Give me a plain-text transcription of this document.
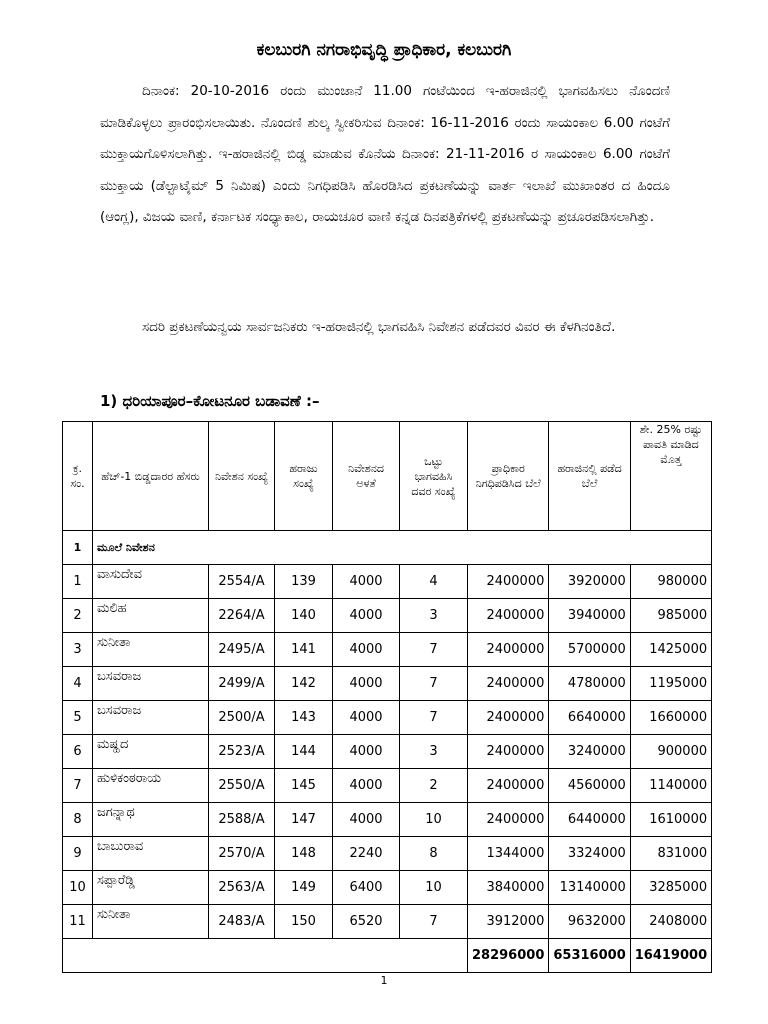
ಕಲಬುರಗಿ ನಗರಾಭಿವೃದ್ಧಿ ಪ್ರಾಧಿಕಾರ, ಕಲಬುರಗಿ

ದಿನಾಂಕ: 20-10-2016 ರಂದು ಮುಂಜಾನೆ 11.00 ಗಂಟೆಯಿಂದ ಇ-ಹರಾಜಿನಲ್ಲಿ ಭಾಗವಹಿಸಲು ನೊಂದಣಿ ಮಾಡಿಕೊಳ್ಳಲು ಪ್ರಾರಂಭಿಸಲಾಯಿತು. ನೊಂದಣಿ ಶುಲ್ಕ ಸ್ವೀಕರಿಸುವ ದಿನಾಂಕ: 16-11-2016 ರಂದು ಸಾಯಂಕಾಲ 6.00 ಗಂಟೆಗೆ ಮುಕ್ತಾಯಗೊಳಿಸಲಾಗಿತ್ತು. ಇ-ಹರಾಜಿನಲ್ಲಿ ಬಿಡ್ಡ ಮಾಡುವ ಕೊನೆಯ ದಿನಾಂಕ: 21-11-2016 ರ ಸಾಯಂಕಾಲ 6.00 ಗಂಟೆಗೆ ಮುಕ್ತಾಯ (ಡೆಲ್ಟಾಟೈಮ್ 5 ನಿಮಿಷ) ಎಂದು ನಿಗಧಿಪಡಿಸಿ ಹೊರಡಿಸಿದ ಪ್ರಕಟಣೆಯನ್ನು ವಾರ್ತ ಇಲಾಖೆ ಮುಖಾಂತರ ದ ಹಿಂದೂ (ಆಂಗ್ಲ), ವಿಜಯ ವಾಣಿ, ಕರ್ನಾಟಕ ಸಂಧ್ಯಾಕಾಲ, ರಾಯಚೂರ ವಾಣಿ ಕನ್ನಡ ದಿನಪತ್ರಿಕೆಗಳಲ್ಲಿ ಪ್ರಕಟಣೆಯನ್ನು ಪ್ರಚೂರಪಡಿಸಲಾಗಿತ್ತು.

ಸದರಿ ಪ್ರಕಟಣೆಯನ್ವಯ ಸಾರ್ವಜನಿಕರು ಇ-ಹರಾಜಿನಲ್ಲಿ ಭಾಗವಹಿಸಿ ನಿವೇಶನ ಪಡೆದವರ ವಿವರ ಈ ಕೆಳಗಿನಂತಿದೆ.

1) ಧರಿಯಾಪೂರ–ಕೋಟನೂರ ಬಡಾವಣೆ :–
ಕ್ರ. ಸಂ.	ಹೆಚ್-1 ಬಿಡ್ಡದಾರರ ಹೆಸರು	ನಿವೇಶನ ಸಂಖ್ಯೆ	ಹರಾಜು ಸಂಖ್ಯೆ	ನಿವೇಶನದ ಅಳತೆ	ಒಟ್ಟು ಭಾಗವಹಿಸಿ ದವರ ಸಂಖ್ಯೆ	ಪ್ರಾಧಿಕಾರ ನಿಗಧಿಪಡಿಸಿದ ಬೆಲೆ	ಹರಾಜಿನಲ್ಲಿ ಪಡೆದ ಬೆಲೆ	ಶೇ. 25% ರಷ್ಟು ಪಾವತಿ ಮಾಡಿದ ಮೊತ್ತ
1	ಮೂಲೆ ನಿವೇಶನ							
1	ವಾಸುದೇವ	2554/A	139	4000	4	2400000	3920000	980000
2	ಮಲಿಹ	2264/A	140	4000	3	2400000	3940000	985000
3	ಸುನೀತಾ	2495/A	141	4000	7	2400000	5700000	1425000
4	ಬಸವರಾಜ	2499/A	142	4000	7	2400000	4780000	1195000
5	ಬಸವರಾಜ	2500/A	143	4000	7	2400000	6640000	1660000
6	ಮಷ್ಹದ	2523/A	144	4000	3	2400000	3240000	900000
7	ಹುಳಿಕಂಠರಾಯ	2550/A	145	4000	2	2400000	4560000	1140000
8	ಜಗನ್ನಾಥ	2588/A	147	4000	10	2400000	6440000	1610000
9	ಬಾಬುರಾವ	2570/A	148	2240	8	1344000	3324000	831000
10	ಸಪ್ಪಾರೆಡ್ಡಿ	2563/A	149	6400	10	3840000	13140000	3285000
11	ಸುನೀತಾ	2483/A	150	6520	7	3912000	9632000	2408000
						28296000	65316000	16419000
1
